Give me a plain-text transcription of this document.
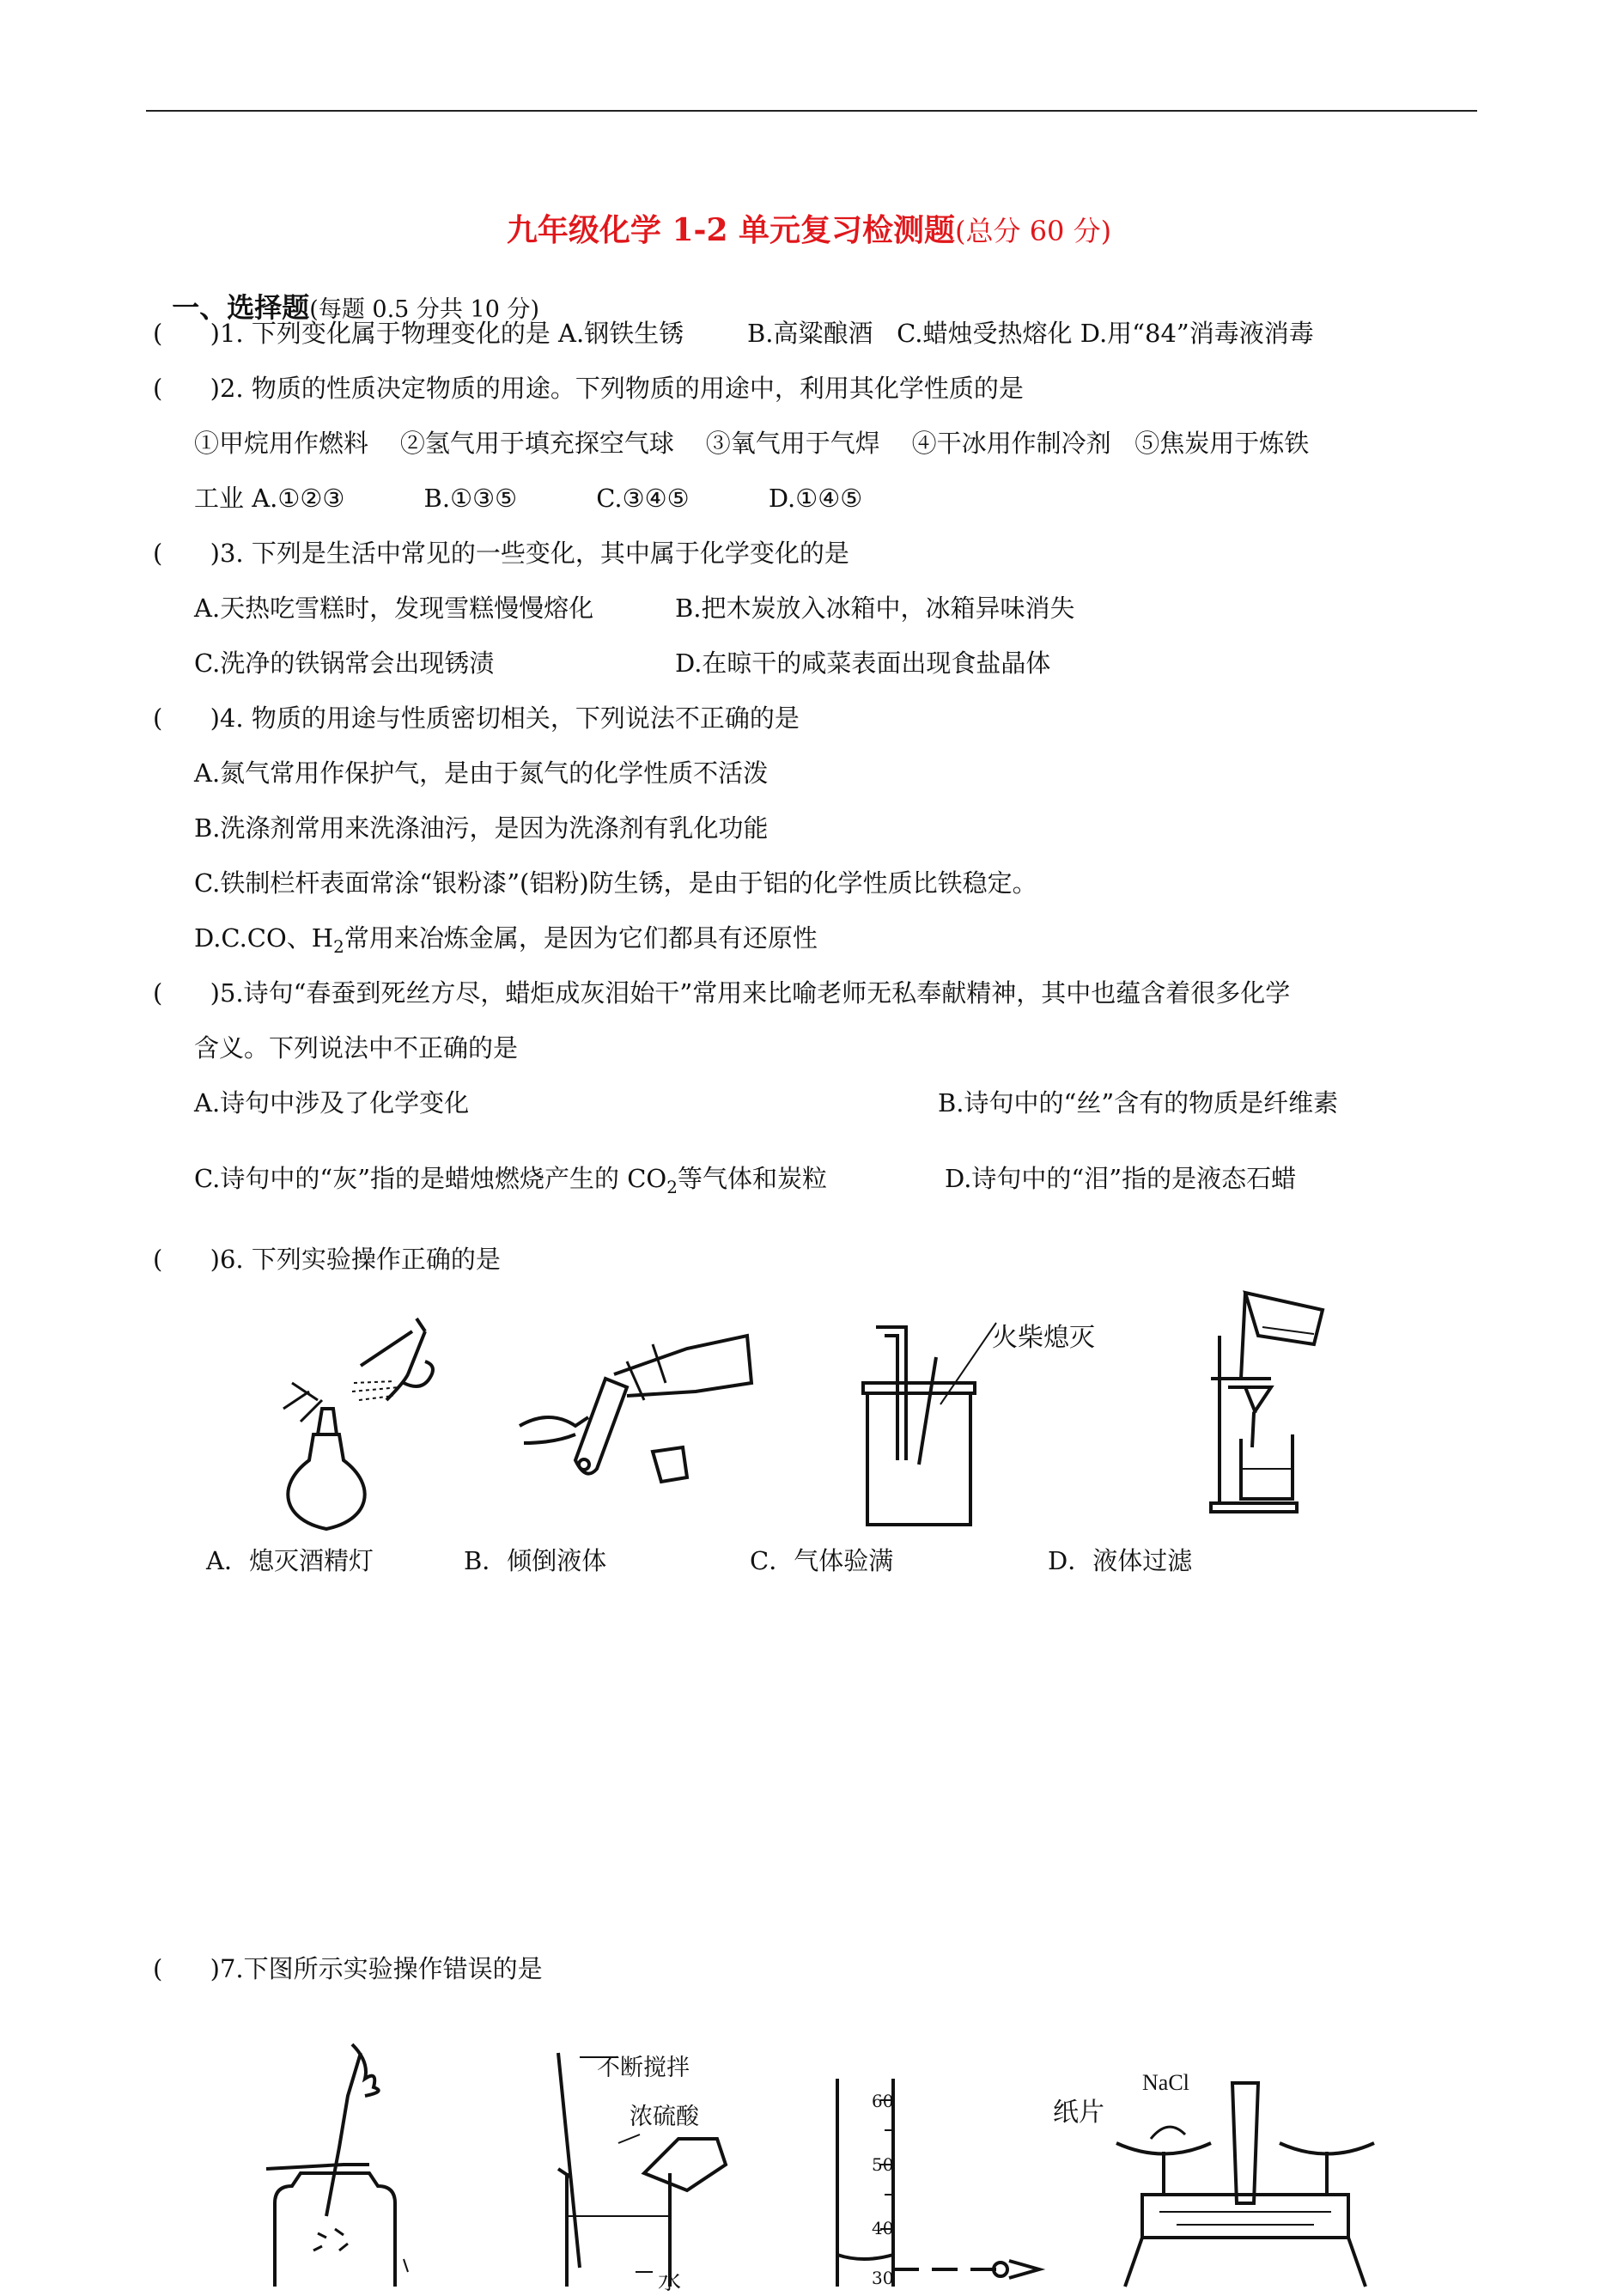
九年级化学 1-2 单元复习检测题(总分 60 分)

一、选择题(每题 0.5 分共 10 分)

(      )1. 下列变化属于物理变化的是 A.钢铁生锈        B.高粱酿酒   C.蜡烛受热熔化 D.用“84”消毒液消毒
(      )2. 物质的性质决定物质的用途。下列物质的用途中，利用其化学性质的是
①甲烷用作燃料    ②氢气用于填充探空气球    ③氧气用于气焊    ④干冰用作制冷剂   ⑤焦炭用于炼铁
工业 A.①②③          B.①③⑤          C.③④⑤          D.①④⑤
(      )3. 下列是生活中常见的一些变化，其中属于化学变化的是
A.天热吃雪糕时，发现雪糕慢慢熔化	B.把木炭放入冰箱中，冰箱异味消失
C.洗净的铁锅常会出现锈渍	D.在晾干的咸菜表面出现食盐晶体
(      )4. 物质的用途与性质密切相关，下列说法不正确的是
A.氮气常用作保护气，是由于氮气的化学性质不活泼
B.洗涤剂常用来洗涤油污，是因为洗涤剂有乳化功能
C.铁制栏杆表面常涂“银粉漆”(铝粉)防生锈，是由于铝的化学性质比铁稳定。
D.C.CO、$H_2$常用来冶炼金属，是因为它们都具有还原性
(      )5.诗句“春蚕到死丝方尽，蜡炬成灰泪始干”常用来比喻老师无私奉献精神，其中也蕴含着很多化学
含义。下列说法中不正确的是
A.诗句中涉及了化学变化	B.诗句中的“丝”含有的物质是纤维素
C.诗句中的“灰”指的是蜡烛燃烧产生的 $CO_2$等气体和炭粒	D.诗句中的“泪”指的是液态石蜡
(      )6. 下列实验操作正确的是
火柴熄灭
A．熄灭酒精灯	B．倾倒液体	C．气体验满	D．液体过滤
(      )7.下图所示实验操作错误的是
不断搅拌
浓硫酸
水
60
50
40
30
纸片
NaCl
